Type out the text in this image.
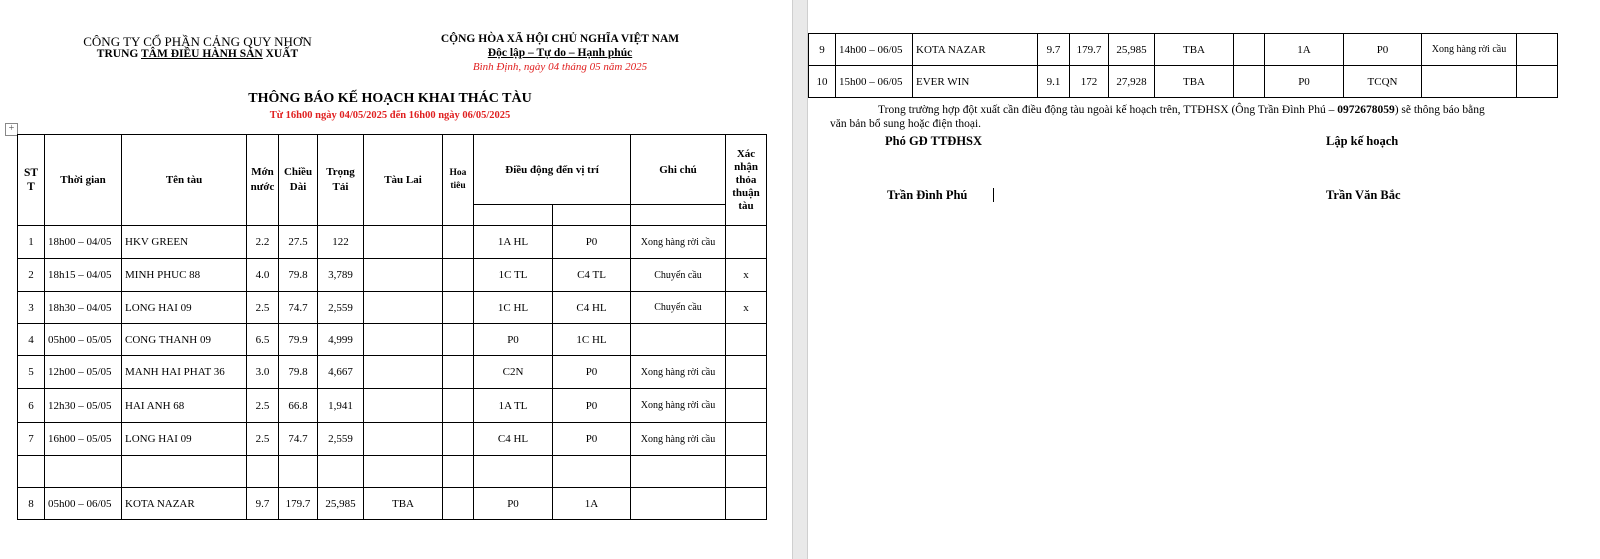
CÔNG TY CỔ PHẦN CẢNG QUY NHƠN
TRUNG TÂM ĐIỀU HÀNH SẢN XUẤT
CỘNG HÒA XÃ HỘI CHỦ NGHĨA VIỆT NAM
Độc lập – Tự do – Hạnh phúc
Bình Định, ngày 04 tháng 05 năm 2025
THÔNG BÁO KẾ HOẠCH KHAI THÁC TÀU
Từ 16h00 ngày 04/05/2025 đến 16h00 ngày 06/05/2025
+
ST T	Thời gian	Tên tàu	Mớn nước	Chiều Dài	Trọng Tải	Tàu Lai	Hoa tiêu	Điều động đến vị trí		Ghi chú	Xác nhận thỏa thuận tàu

1	18h00 – 04/05	HKV GREEN	2.2	27.5	122			1A HL	P0	Xong hàng rời cầu	
2	18h15 – 04/05	MINH PHUC 88	4.0	79.8	3,789			1C TL	C4 TL	Chuyển cầu	x
3	18h30 – 04/05	LONG HAI 09	2.5	74.7	2,559			1C HL	C4 HL	Chuyển cầu	x
4	05h00 – 05/05	CONG THANH 09	6.5	79.9	4,999			P0	1C HL		
5	12h00 – 05/05	MANH HAI PHAT 36	3.0	79.8	4,667			C2N	P0	Xong hàng rời cầu	
6	12h30 – 05/05	HAI ANH 68	2.5	66.8	1,941			1A TL	P0	Xong hàng rời cầu	
7	16h00 – 05/05	LONG HAI 09	2.5	74.7	2,559			C4 HL	P0	Xong hàng rời cầu	

8	05h00 – 06/05	KOTA NAZAR	9.7	179.7	25,985	TBA		P0	1A		
9	14h00 – 06/05	KOTA NAZAR	9.7	179.7	25,985	TBA		1A	P0	Xong hàng rời cầu	
10	15h00 – 06/05	EVER WIN	9.1	172	27,928	TBA		P0	TCQN		
Trong trường hợp đột xuất cần điều động tàu ngoài kế hoạch trên, TTĐHSX (Ông Trần Đình Phú – 0972678059) sẽ thông báo bằng
văn bản bổ sung hoặc điện thoại.
Phó GĐ TTĐHSX	Lập kế hoạch
Trần Đình Phú	Trần Văn Bắc
